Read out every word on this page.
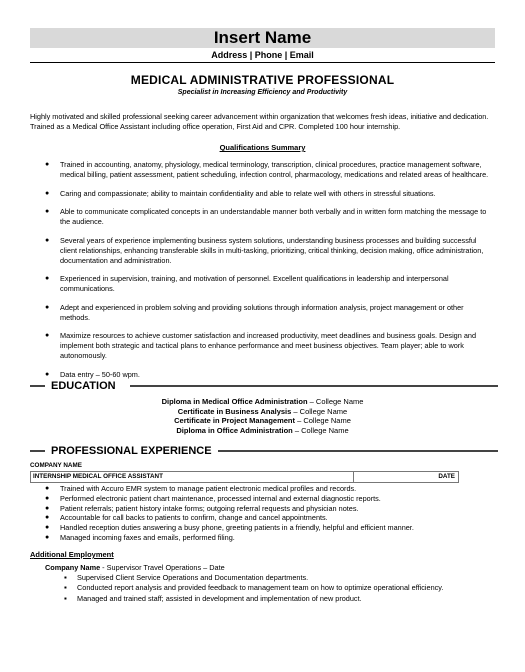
Insert Name
Address | Phone | Email
MEDICAL ADMINISTRATIVE PROFESSIONAL
Specialist in Increasing Efficiency and Productivity
Highly motivated and skilled professional seeking career advancement within organization that welcomes fresh ideas, initiative and dedication. Trained as a Medical Office Assistant including office operation, First Aid and CPR. Completed 100 hour internship.
Qualifications Summary
● Trained in accounting, anatomy, physiology, medical terminology, transcription, clinical procedures, practice management software, medical billing, patient assessment, patient scheduling, infection control, pharmacology, medications and related areas of healthcare.
● Caring and compassionate; ability to maintain confidentiality and able to relate well with others in stressful situations.
● Able to communicate complicated concepts in an understandable manner both verbally and in written form matching the message to the audience.
● Several years of experience implementing business system solutions, understanding business processes and building successful client relationships, enhancing transferable skills in multi-tasking, prioritizing, critical thinking, decision making, office administration, documentation and administration.
● Experienced in supervision, training, and motivation of personnel. Excellent qualifications in leadership and interpersonal communications.
● Adept and experienced in problem solving and providing solutions through information analysis, project management or other methods.
● Maximize resources to achieve customer satisfaction and increased productivity, meet deadlines and business goals. Design and implement both strategic and tactical plans to enhance performance and meet business objectives. Team player; able to work autonomously.
● Data entry – 50-60 wpm.
EDUCATION
Diploma in Medical Office Administration – College Name
Certificate in Business Analysis – College Name
Certificate in Project Management – College Name
Diploma in Office Administration – College Name
PROFESSIONAL EXPERIENCE
COMPANY NAME
INTERNSHIP MEDICAL OFFICE ASSISTANT	DATE
● Trained with Accuro EMR system to manage patient electronic medical profiles and records.
● Performed electronic patient chart maintenance, processed internal and external diagnostic reports.
● Patient referrals; patient history intake forms; outgoing referral requests and physician notes.
● Accountable for call backs to patients to confirm, change and cancel appointments.
● Handled reception duties answering a busy phone, greeting patients in a friendly, helpful and efficient manner.
● Managed incoming faxes and emails, performed filing.
Additional Employment
Company Name - Supervisor Travel Operations – Date
▪ Supervised Client Service Operations and Documentation departments.
▪ Conducted report analysis and provided feedback to management team on how to optimize operational efficiency.
▪ Managed and trained staff; assisted in development and implementation of new product.
